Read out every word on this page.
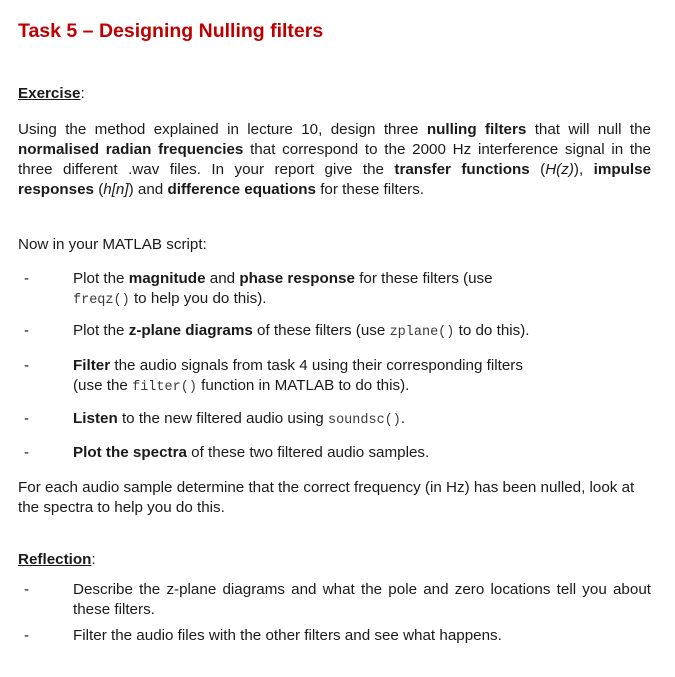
Task 5 – Designing Nulling filters
Exercise:
Using the method explained in lecture 10, design three nulling filters that will null the normalised radian frequencies that correspond to the 2000 Hz interference signal in the three different .wav files. In your report give the transfer functions (H(z)), impulse responses (h[n]) and difference equations for these filters.
Now in your MATLAB script:
-	Plot the magnitude and phase response for these filters (use
freqz() to help you do this).
-	Plot the z-plane diagrams of these filters (use zplane() to do this).
-	Filter the audio signals from task 4 using their corresponding filters
(use the filter() function in MATLAB to do this).
-	Listen to the new filtered audio using soundsc().
-	Plot the spectra of these two filtered audio samples.
For each audio sample determine that the correct frequency (in Hz) has been nulled, look at the spectra to help you do this.
Reflection:
-	Describe the z-plane diagrams and what the pole and zero locations tell you about these filters.
-	Filter the audio files with the other filters and see what happens.
